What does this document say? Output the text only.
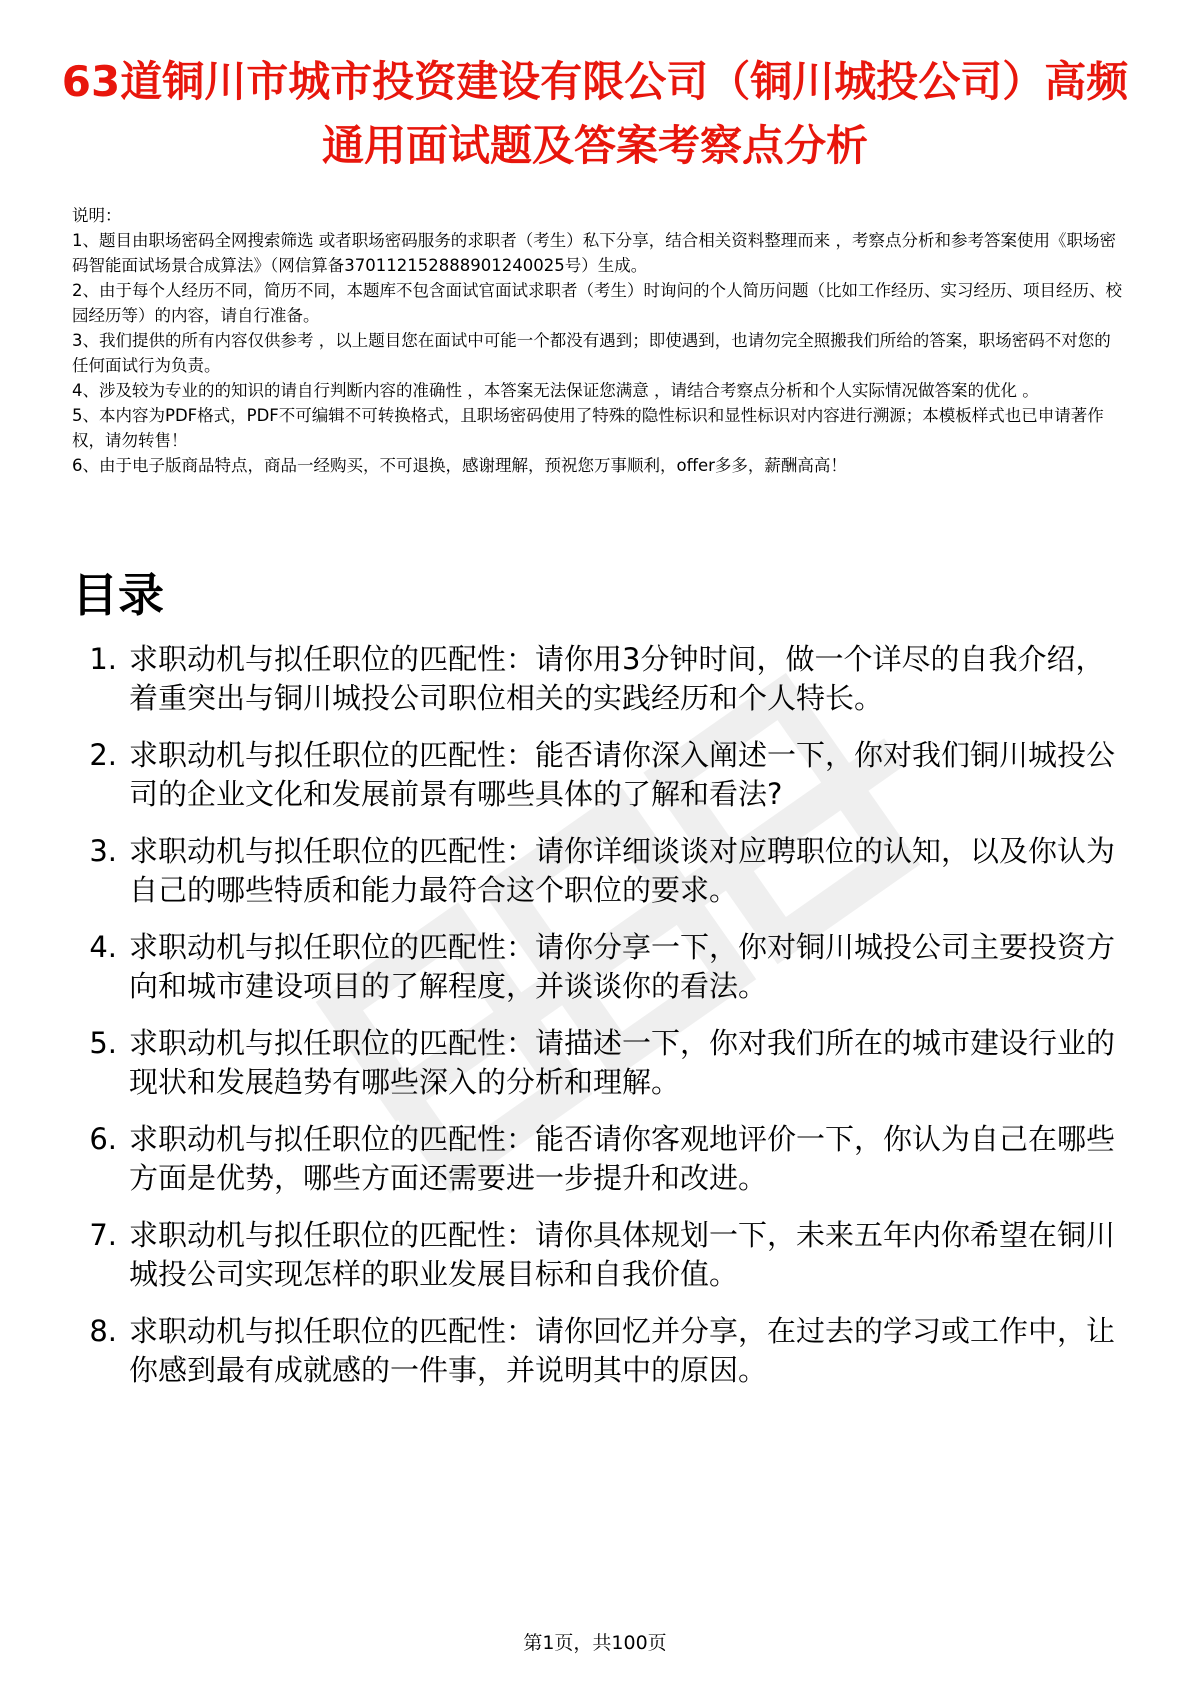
63道铜川市城市投资建设有限公司（铜川城投公司）高频通用面试题及答案考察点分析

说明：

1、题目由职场密码全网搜索筛选 或者职场密码服务的求职者（考生）私下分享，结合相关资料整理而来 ，考察点分析和参考答案使用《职场密码智能面试场景合成算法》（网信算备370112152888901240025号）生成。

2、由于每个人经历不同，简历不同，本题库不包含面试官面试求职者（考生）时询问的个人简历问题（比如工作经历、实习经历、项目经历、校园经历等）的内容，请自行准备。

3、我们提供的所有内容仅供参考 ，以上题目您在面试中可能一个都没有遇到；即使遇到，也请勿完全照搬我们所给的答案，职场密码不对您的任何面试行为负责。

4、涉及较为专业的的知识的请自行判断内容的准确性 ，本答案无法保证您满意 ，请结合考察点分析和个人实际情况做答案的优化 。

5、本内容为PDF格式，PDF不可编辑不可转换格式，且职场密码使用了特殊的隐性标识和显性标识对内容进行溯源；本模板样式也已申请著作权，请勿转售！

6、由于电子版商品特点，商品一经购买，不可退换，感谢理解，预祝您万事顺利，offer多多，薪酬高高！

目录
1. 求职动机与拟任职位的匹配性：请你用3分钟时间，做一个详尽的自我介绍，着重突出与铜川城投公司职位相关的实践经历和个人特长。
2. 求职动机与拟任职位的匹配性：能否请你深入阐述一下，你对我们铜川城投公司的企业文化和发展前景有哪些具体的了解和看法?
3. 求职动机与拟任职位的匹配性：请你详细谈谈对应聘职位的认知，以及你认为自己的哪些特质和能力最符合这个职位的要求。
4. 求职动机与拟任职位的匹配性：请你分享一下，你对铜川城投公司主要投资方向和城市建设项目的了解程度，并谈谈你的看法。
5. 求职动机与拟任职位的匹配性：请描述一下，你对我们所在的城市建设行业的现状和发展趋势有哪些深入的分析和理解。
6. 求职动机与拟任职位的匹配性：能否请你客观地评价一下，你认为自己在哪些方面是优势，哪些方面还需要进一步提升和改进。
7. 求职动机与拟任职位的匹配性：请你具体规划一下，未来五年内你希望在铜川城投公司实现怎样的职业发展目标和自我价值。
8. 求职动机与拟任职位的匹配性：请你回忆并分享，在过去的学习或工作中，让你感到最有成就感的一件事，并说明其中的原因。
第1页，共100页
